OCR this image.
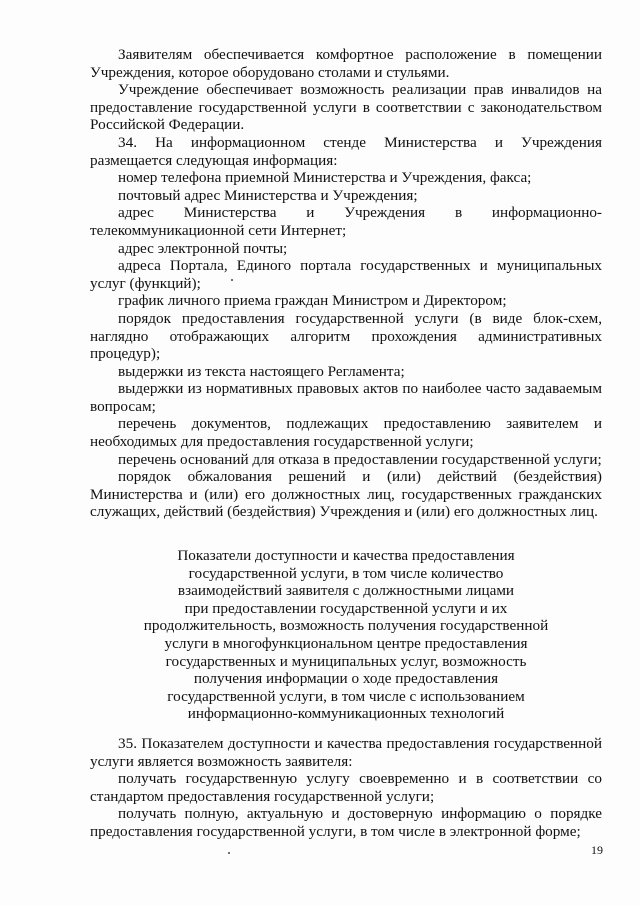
Заявителям обеспечивается комфортное расположение в помещении Учреждения, которое оборудовано столами и стульями.

Учреждение обеспечивает возможность реализации прав инвалидов на предоставление государственной услуги в соответствии с законодательством Российской Федерации.

34. На информационном стенде Министерства и Учреждения размещается следующая информация:

номер телефона приемной Министерства и Учреждения, факса;

почтовый адрес Министерства и Учреждения;

адрес Министерства и Учреждения в информационно-телекоммуникационной сети Интернет;

адрес электронной почты;

адреса Портала, Единого портала государственных и муниципальных услуг (функций);

график личного приема граждан Министром и Директором;

порядок предоставления государственной услуги (в виде блок-схем, наглядно отображающих алгоритм прохождения административных процедур);

выдержки из текста настоящего Регламента;

выдержки из нормативных правовых актов по наиболее часто задаваемым вопросам;

перечень документов, подлежащих предоставлению заявителем и необходимых для предоставления государственной услуги;

перечень оснований для отказа в предоставлении государственной услуги;

порядок обжалования решений и (или) действий (бездействия) Министерства и (или) его должностных лиц, государственных гражданских служащих, действий (бездействия) Учреждения и (или) его должностных лиц.

Показатели доступности и качества предоставления
государственной услуги, в том числе количество
взаимодействий заявителя с должностными лицами
при предоставлении государственной услуги и их
продолжительность, возможность получения государственной
услуги в многофункциональном центре предоставления
государственных и муниципальных услуг, возможность
получения информации о ходе предоставления
государственной услуги, в том числе с использованием
информационно-коммуникационных технологий

35. Показателем доступности и качества предоставления государственной услуги является возможность заявителя:

получать государственную услугу своевременно и в соответствии со стандартом предоставления государственной услуги;

получать полную, актуальную и достоверную информацию о порядке предоставления государственной услуги, в том числе в электронной форме;

19
